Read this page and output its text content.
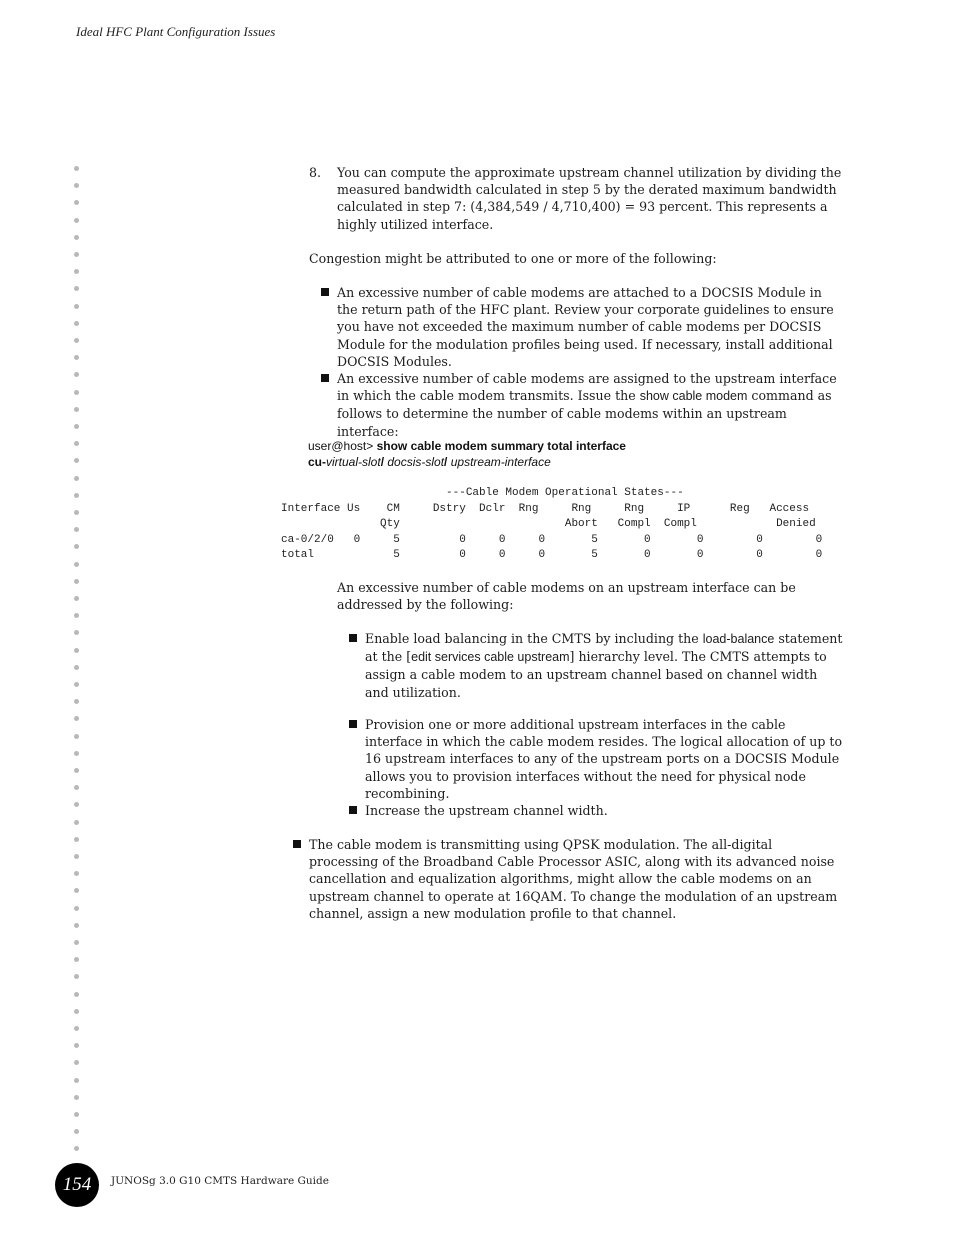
Ideal HFC Plant Configuration Issues
8. You can compute the approximate upstream channel utilization by dividing the measured bandwidth calculated in step 5 by the derated maximum bandwidth calculated in step 7: (4,384,549 / 4,710,400) = 93 percent. This represents a highly utilized interface.
Congestion might be attributed to one or more of the following:
An excessive number of cable modems are attached to a DOCSIS Module in the return path of the HFC plant. Review your corporate guidelines to ensure you have not exceeded the maximum number of cable modems per DOCSIS Module for the modulation profiles being used. If necessary, install additional DOCSIS Modules.
An excessive number of cable modems are assigned to the upstream interface in which the cable modem transmits. Issue the show cable modem command as follows to determine the number of cable modems within an upstream interface:
user@host> show cable modem summary total interface
cu-virtual-slot/ docsis-slot/ upstream-interface
---Cable Modem Operational States---
Interface Us    CM     Dstry  Dclr  Rng     Rng     Rng     IP      Reg   Access
Qty                         Abort   Compl  Compl            Denied
ca-0/2/0   0     5         0     0     0       5       0       0        0        0
total            5         0     0     0       5       0       0        0        0
An excessive number of cable modems on an upstream interface can be addressed by the following:
Enable load balancing in the CMTS by including the load-balance statement at the [edit services cable upstream] hierarchy level. The CMTS attempts to assign a cable modem to an upstream channel based on channel width and utilization.
Provision one or more additional upstream interfaces in the cable interface in which the cable modem resides. The logical allocation of up to 16 upstream interfaces to any of the upstream ports on a DOCSIS Module allows you to provision interfaces without the need for physical node recombining.
Increase the upstream channel width.
The cable modem is transmitting using QPSK modulation. The all-digital processing of the Broadband Cable Processor ASIC, along with its advanced noise cancellation and equalization algorithms, might allow the cable modems on an upstream channel to operate at 16QAM. To change the modulation of an upstream channel, assign a new modulation profile to that channel.
154	JUNOSg 3.0 G10 CMTS Hardware Guide
